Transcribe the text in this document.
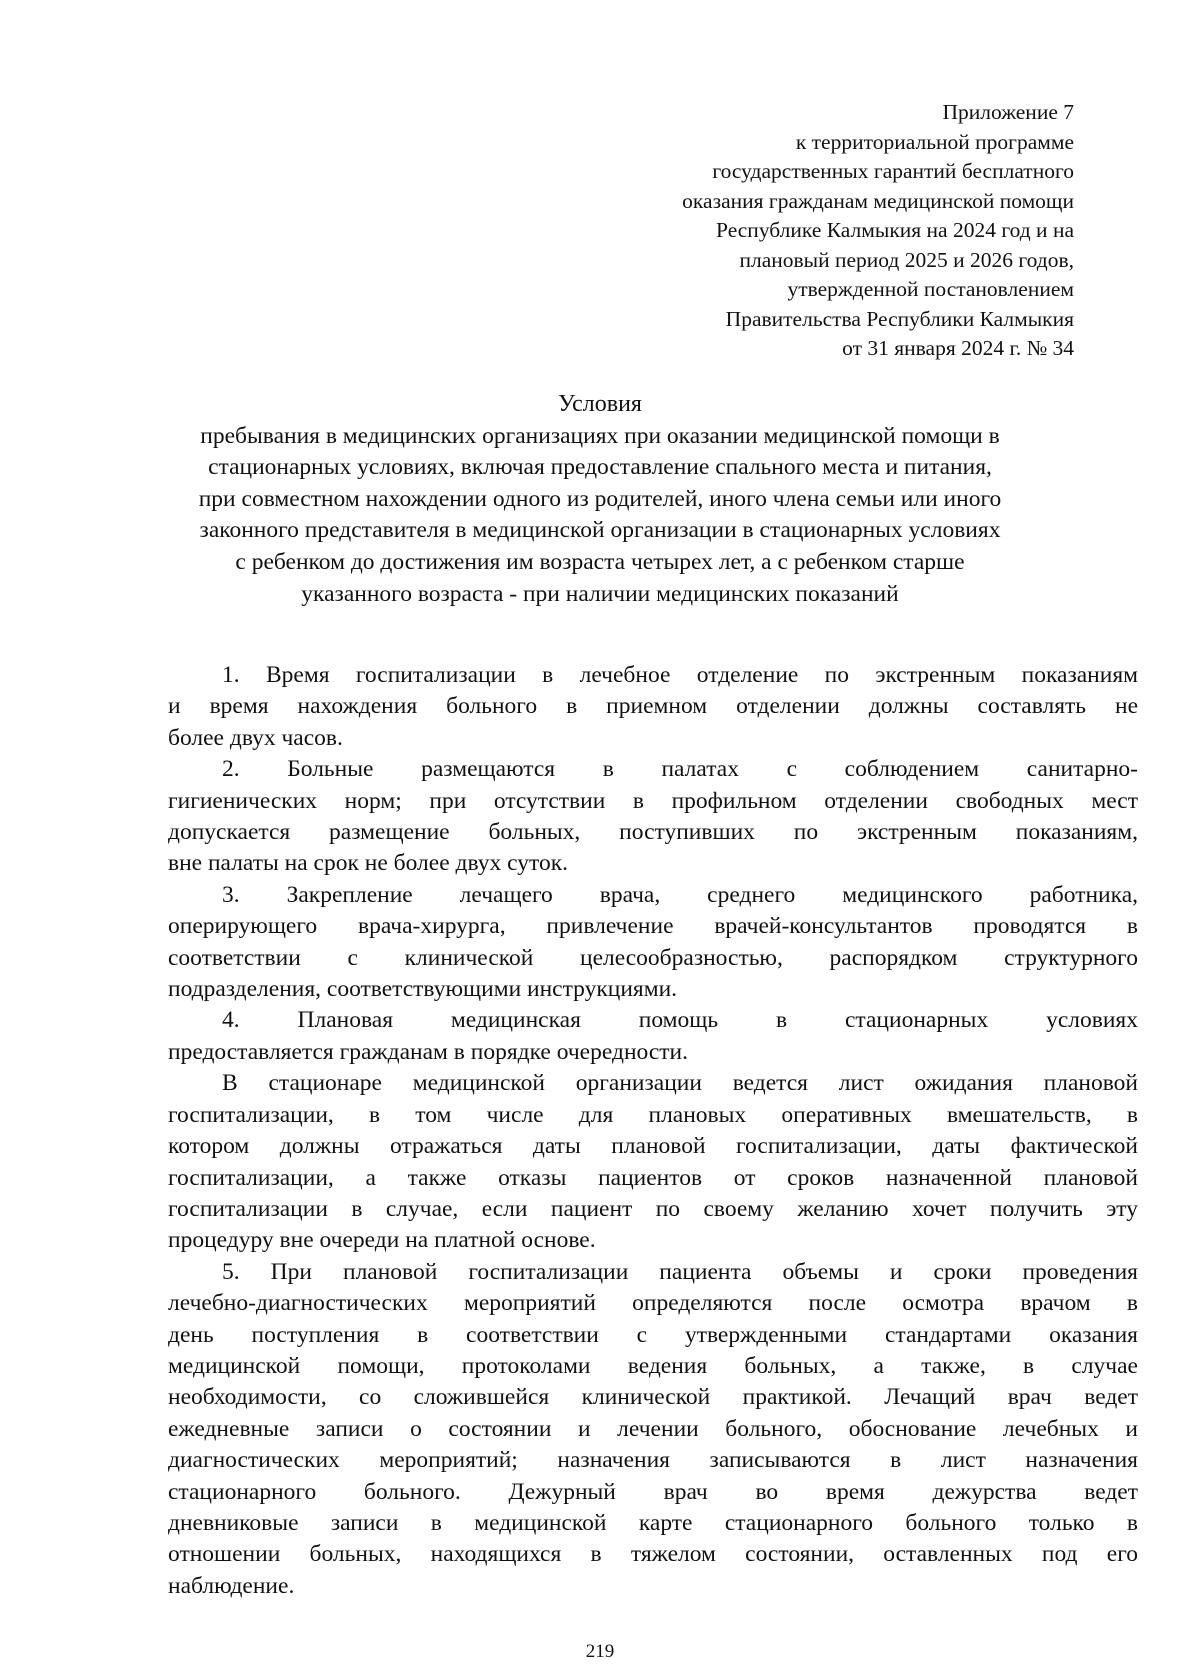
Приложение 7
к территориальной программе
государственных гарантий бесплатного
оказания гражданам медицинской помощи
Республике Калмыкия на 2024 год и на
плановый период 2025 и 2026 годов,
утвержденной постановлением
Правительства Республики Калмыкия
от 31 января 2024 г. № 34
Условия
пребывания в медицинских организациях при оказании медицинской помощи в
стационарных условиях, включая предоставление спального места и питания,
при совместном нахождении одного из родителей, иного члена семьи или иного
законного представителя в медицинской организации в стационарных условиях
с ребенком до достижения им возраста четырех лет, а с ребенком старше
указанного возраста - при наличии медицинских показаний
1. Время госпитализации в лечебное отделение по экстренным показаниям
и время нахождения больного в приемном отделении должны составлять не
более двух часов.
2. Больные размещаются в палатах с соблюдением санитарно-
гигиенических норм; при отсутствии в профильном отделении свободных мест
допускается размещение больных, поступивших по экстренным показаниям,
вне палаты на срок не более двух суток.
3. Закрепление лечащего врача, среднего медицинского работника,
оперирующего врача-хирурга, привлечение врачей-консультантов проводятся в
соответствии с клинической целесообразностью, распорядком структурного
подразделения, соответствующими инструкциями.
4. Плановая медицинская помощь в стационарных условиях
предоставляется гражданам в порядке очередности.
В стационаре медицинской организации ведется лист ожидания плановой
госпитализации, в том числе для плановых оперативных вмешательств, в
котором должны отражаться даты плановой госпитализации, даты фактической
госпитализации, а также отказы пациентов от сроков назначенной плановой
госпитализации в случае, если пациент по своему желанию хочет получить эту
процедуру вне очереди на платной основе.
5. При плановой госпитализации пациента объемы и сроки проведения
лечебно-диагностических мероприятий определяются после осмотра врачом в
день поступления в соответствии с утвержденными стандартами оказания
медицинской помощи, протоколами ведения больных, а также, в случае
необходимости, со сложившейся клинической практикой. Лечащий врач ведет
ежедневные записи о состоянии и лечении больного, обоснование лечебных и
диагностических мероприятий; назначения записываются в лист назначения
стационарного больного. Дежурный врач во время дежурства ведет
дневниковые записи в медицинской карте стационарного больного только в
отношении больных, находящихся в тяжелом состоянии, оставленных под его
наблюдение.
219
